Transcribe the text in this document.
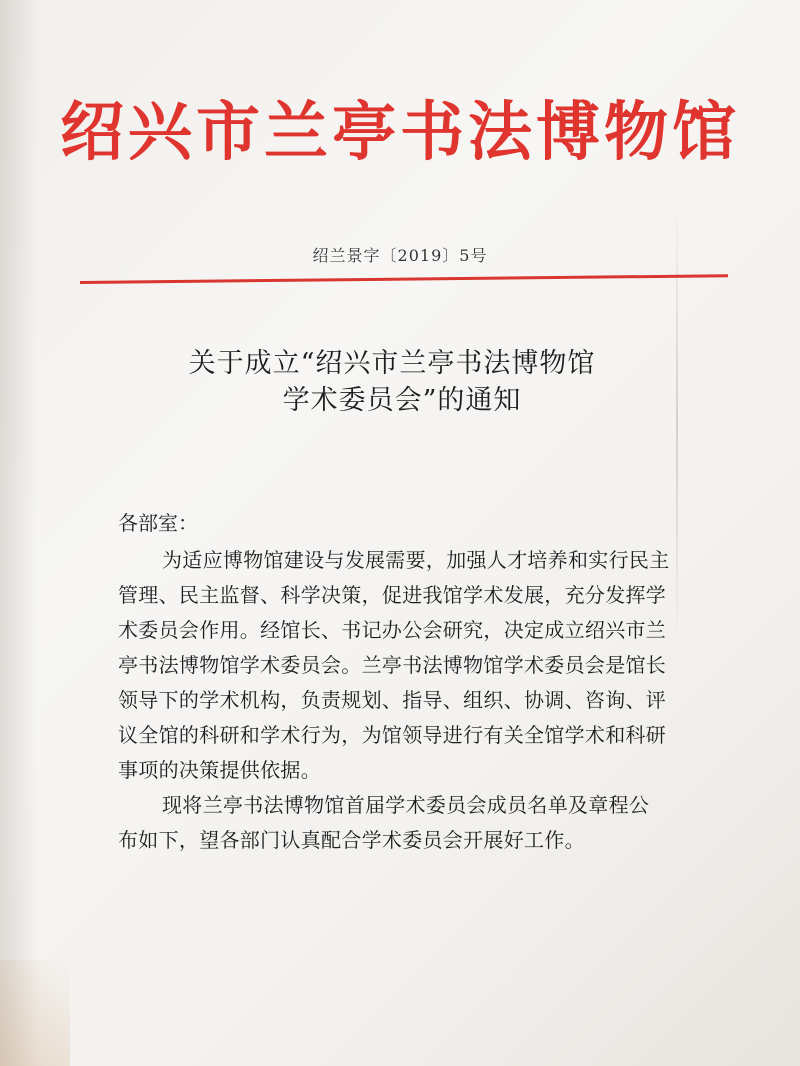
绍兴市兰亭书法博物馆
绍兰景字〔2019〕5号
关于成立“绍兴市兰亭书法博物馆
学术委员会”的通知
各部室：
为适应博物馆建设与发展需要，加强人才培养和实行民主
管理、民主监督、科学决策，促进我馆学术发展，充分发挥学
术委员会作用。经馆长、书记办公会研究，决定成立绍兴市兰
亭书法博物馆学术委员会。兰亭书法博物馆学术委员会是馆长
领导下的学术机构，负责规划、指导、组织、协调、咨询、评
议全馆的科研和学术行为，为馆领导进行有关全馆学术和科研
事项的决策提供依据。
现将兰亭书法博物馆首届学术委员会成员名单及章程公
布如下，望各部门认真配合学术委员会开展好工作。
